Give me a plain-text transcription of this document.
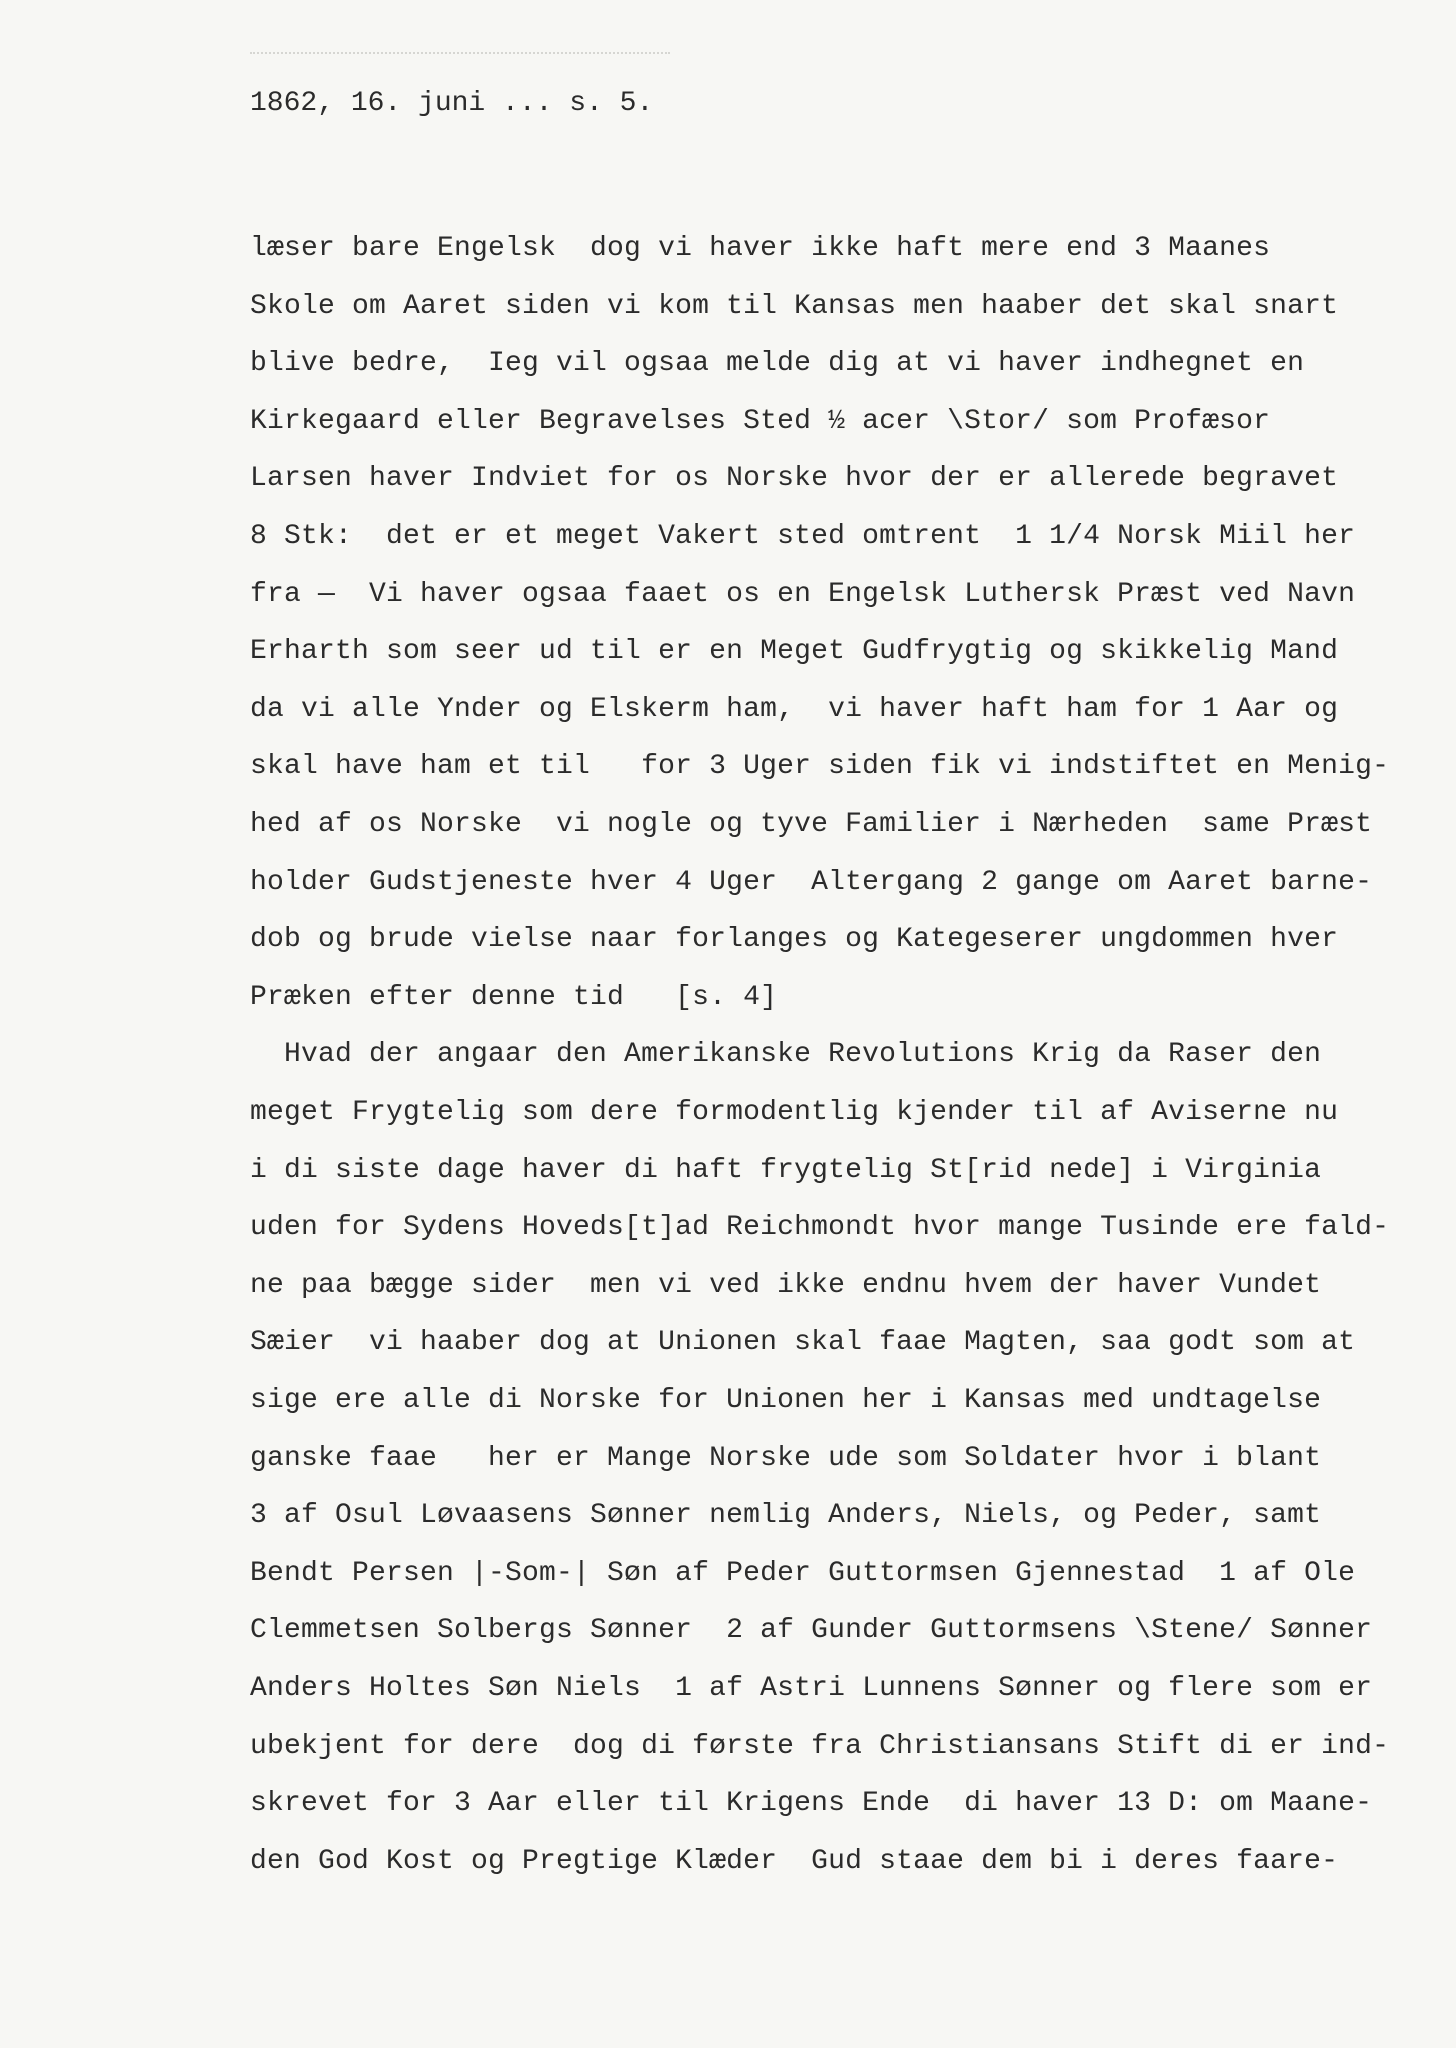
1862, 16. juni ... s. 5.
læser bare Engelsk  dog vi haver ikke haft mere end 3 Maanes
Skole om Aaret siden vi kom til Kansas men haaber det skal snart
blive bedre,  Ieg vil ogsaa melde dig at vi haver indhegnet en
Kirkegaard eller Begravelses Sted ½ acer \Stor/ som Profæsor
Larsen haver Indviet for os Norske hvor der er allerede begravet
8 Stk:  det er et meget Vakert sted omtrent  1 1/4 Norsk Miil her
fra —  Vi haver ogsaa faaet os en Engelsk Luthersk Præst ved Navn
Erharth som seer ud til er en Meget Gudfrygtig og skikkelig Mand
da vi alle Ynder og Elskerm ham,  vi haver haft ham for 1 Aar og
skal have ham et til   for 3 Uger siden fik vi indstiftet en Menig-
hed af os Norske  vi nogle og tyve Familier i Nærheden  same Præst
holder Gudstjeneste hver 4 Uger  Altergang 2 gange om Aaret barne-
dob og brude vielse naar forlanges og Kategeserer ungdommen hver
Præken efter denne tid   [s. 4]
Hvad der angaar den Amerikanske Revolutions Krig da Raser den
meget Frygtelig som dere formodentlig kjender til af Aviserne nu
i di siste dage haver di haft frygtelig St[rid nede] i Virginia
uden for Sydens Hoveds[t]ad Reichmondt hvor mange Tusinde ere fald-
ne paa bægge sider  men vi ved ikke endnu hvem der haver Vundet
Sæier  vi haaber dog at Unionen skal faae Magten, saa godt som at
sige ere alle di Norske for Unionen her i Kansas med undtagelse
ganske faae   her er Mange Norske ude som Soldater hvor i blant
3 af Osul Løvaasens Sønner nemlig Anders, Niels, og Peder, samt
Bendt Persen |-Som-| Søn af Peder Guttormsen Gjennestad  1 af Ole
Clemmetsen Solbergs Sønner  2 af Gunder Guttormsens \Stene/ Sønner
Anders Holtes Søn Niels  1 af Astri Lunnens Sønner og flere som er
ubekjent for dere  dog di første fra Christiansans Stift di er ind-
skrevet for 3 Aar eller til Krigens Ende  di haver 13 D: om Maane-
den God Kost og Pregtige Klæder  Gud staae dem bi i deres faare-
